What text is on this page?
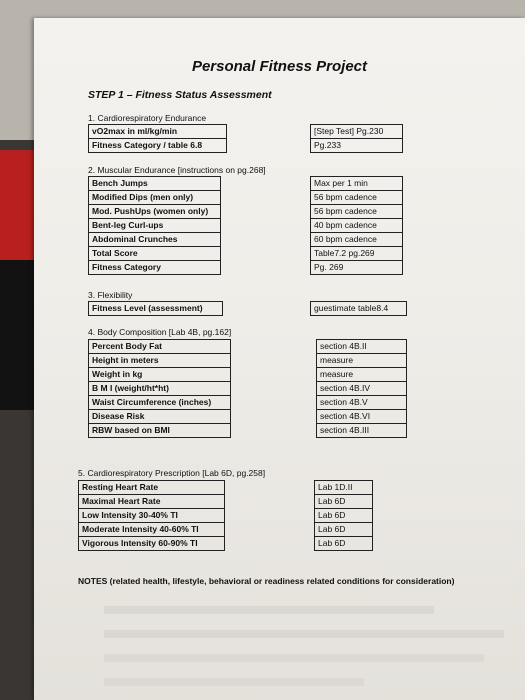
Personal Fitness Project
STEP 1 – Fitness Status Assessment
1. Cardiorespiratory Endurance
vO2max in ml/kg/min		[Step Test] Pg.230
Fitness Category / table 6.8		Pg.233
2. Muscular Endurance [instructions on pg.268]
Bench Jumps		Max per 1 min
Modified Dips (men only)		56 bpm cadence
Mod. PushUps (women only)		56 bpm cadence
Bent-leg Curl-ups		40 bpm cadence
Abdominal Crunches		60 bpm cadence
Total Score		Table7.2 pg.269
Fitness Category		Pg. 269
3. Flexibility
Fitness Level (assessment)		guestimate table8.4
4. Body Composition [Lab 4B, pg.162]
Percent Body Fat		section 4B.II
Height in meters		measure
Weight in kg		measure
B M I (weight/ht*ht)		section 4B.IV
Waist Circumference (inches)		section 4B.V
Disease Risk		section 4B.VI
RBW based on BMI		section 4B.III
5. Cardiorespiratory Prescription [Lab 6D, pg.258]
Resting Heart Rate		Lab 1D.II
Maximal Heart Rate		Lab 6D
Low Intensity 30-40% TI		Lab 6D
Moderate Intensity 40-60% TI		Lab 6D
Vigorous Intensity 60-90% TI		Lab 6D
NOTES (related health, lifestyle, behavioral or readiness related conditions for consideration)
